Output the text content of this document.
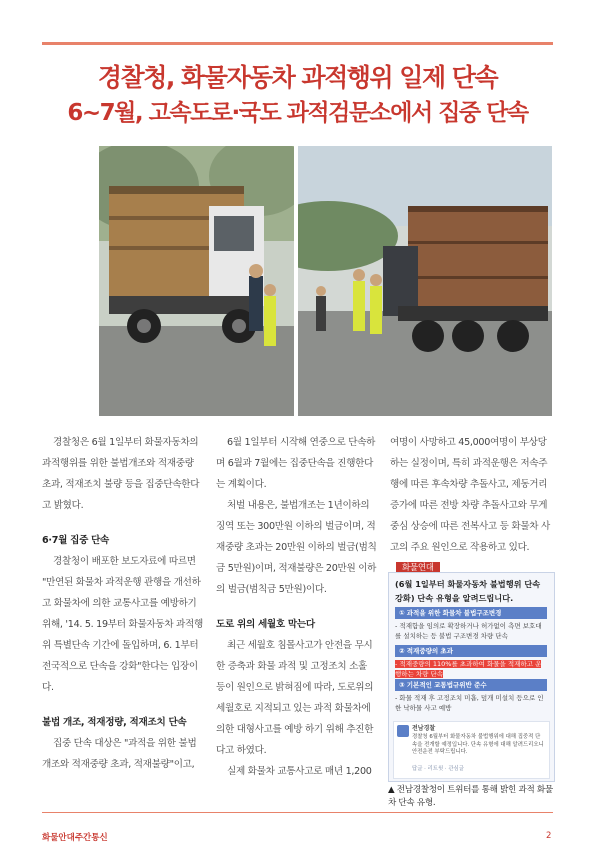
경찰청, 화물자동차 과적행위 일제 단속
6~7월, 고속도로·국도 과적검문소에서 집중 단속

경찰청은 6월 1일부터 화물자동차의 과적행위를 위한 불법개조와 적재중량 초과, 적재조치 불량 등을 집중단속한다고 밝혔다.

6·7월 집중 단속

경찰청이 배포한 보도자료에 따르면 "만연된 화물차 과적운행 관행을 개선하고 화물차에 의한 교통사고를 예방하기 위해, '14. 5. 19부터 화물자동차 과적행위 특별단속 기간에 돌입하며, 6. 1부터 전국적으로 단속을 강화"한다는 입장이다.

불법 개조, 적재정량, 적재조치 단속

집중 단속 대상은 "과적을 위한 불법개조와 적재중량 초과, 적재불량"이고,

6월 1일부터 시작해 연중으로 단속하며 6월과 7월에는 집중단속을 진행한다는 계획이다.

처벌 내용은, 불법개조는 1년이하의 징역 또는 300만원 이하의 벌금이며, 적재중량 초과는 20만원 이하의 벌금(범칙금 5만원)이며, 적재불량은 20만원 이하의 벌금(범칙금 5만원)이다.

도로 위의 세월호 막는다

최근 세월호 침몰사고가 안전을 무시한 증축과 화물 과적 및 고정조치 소홀 등이 원인으로 밝혀짐에 따라, 도로위의 세월호로 지적되고 있는 과적 화물차에 의한 대형사고를 예방 하기 위해 추진한다고 하였다.

실제 화물차 교통사고로 매년 1,200

여명이 사망하고 45,000여명이 부상당하는 실정이며, 특히 과적운행은 저속주행에 따른 후속차량 추돌사고, 제동거리 증가에 따른 전방 차량 추돌사고와 무게중심 상승에 따른 전복사고 등 화물차 사고의 주요 원인으로 작용하고 있다.화물연대

(6월 1일부터 화물자동차 불법행위 단속강화) 단속 유형을 알려드립니다.
① 과적을 위한 화물차 불법구조변경
- 적재함을 임의로 확장하거나 허가없이 측면 보호대를 설치하는 등 불법 구조변경 차량 단속
② 적재중량의 초과
- 적재중량의 110%를 초과하여 화물을 적재하고 운행하는 차량 단속
③ 기본적인 교통법규위반 준수
- 화물 적재 후 고정조치 미흡, 덮개 미설치 등으로 인한 낙하물 사고 예방
전남경찰
경찰청 6월부터 화물자동차 불법행위에 대해 집중적 단속을 전개할 예정입니다. 단속 유형에 대해 알려드리오니 안전운전 부탁드립니다.
답글 · 리트윗 · 관심글
▲ 전남경찰청이 트위터를 통해 밝힌 과적 화물차 단속 유형.
화물안대주간통신	2
